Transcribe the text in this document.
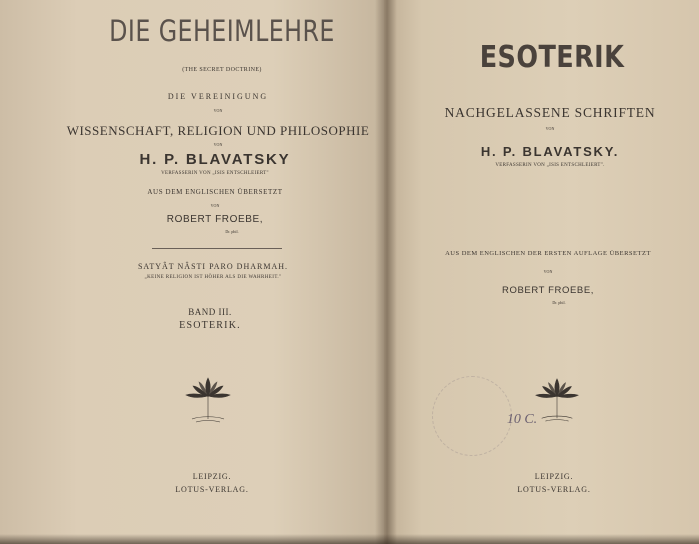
DIE GEHEIMLEHRE
(THE SECRET DOCTRINE)
DIE VEREINIGUNG
VON
WISSENSCHAFT, RELIGION UND PHILOSOPHIE
VON
H. P. BLAVATSKY
VERFASSERIN VON „ISIS ENTSCHLEIERT"
AUS DEM ENGLISCHEN ÜBERSETZT
VON
ROBERT FROEBE,
Dr. phil.
SATYÂT NÂSTI PARO DHARMAH.
„KEINE RELIGION IST HÖHER ALS DIE WAHRHEIT."
BAND III.
ESOTERIK.
LEIPZIG.
LOTUS-VERLAG.
ESOTERIK
NACHGELASSENE SCHRIFTEN
VON
H. P. BLAVATSKY.
VERFASSERIN VON „ISIS ENTSCHLEIERT".
AUS DEM ENGLISCHEN DER ERSTEN AUFLAGE ÜBERSETZT
VON
ROBERT FROEBE,
Dr. phil.
10 C.
LEIPZIG.
LOTUS-VERLAG.
